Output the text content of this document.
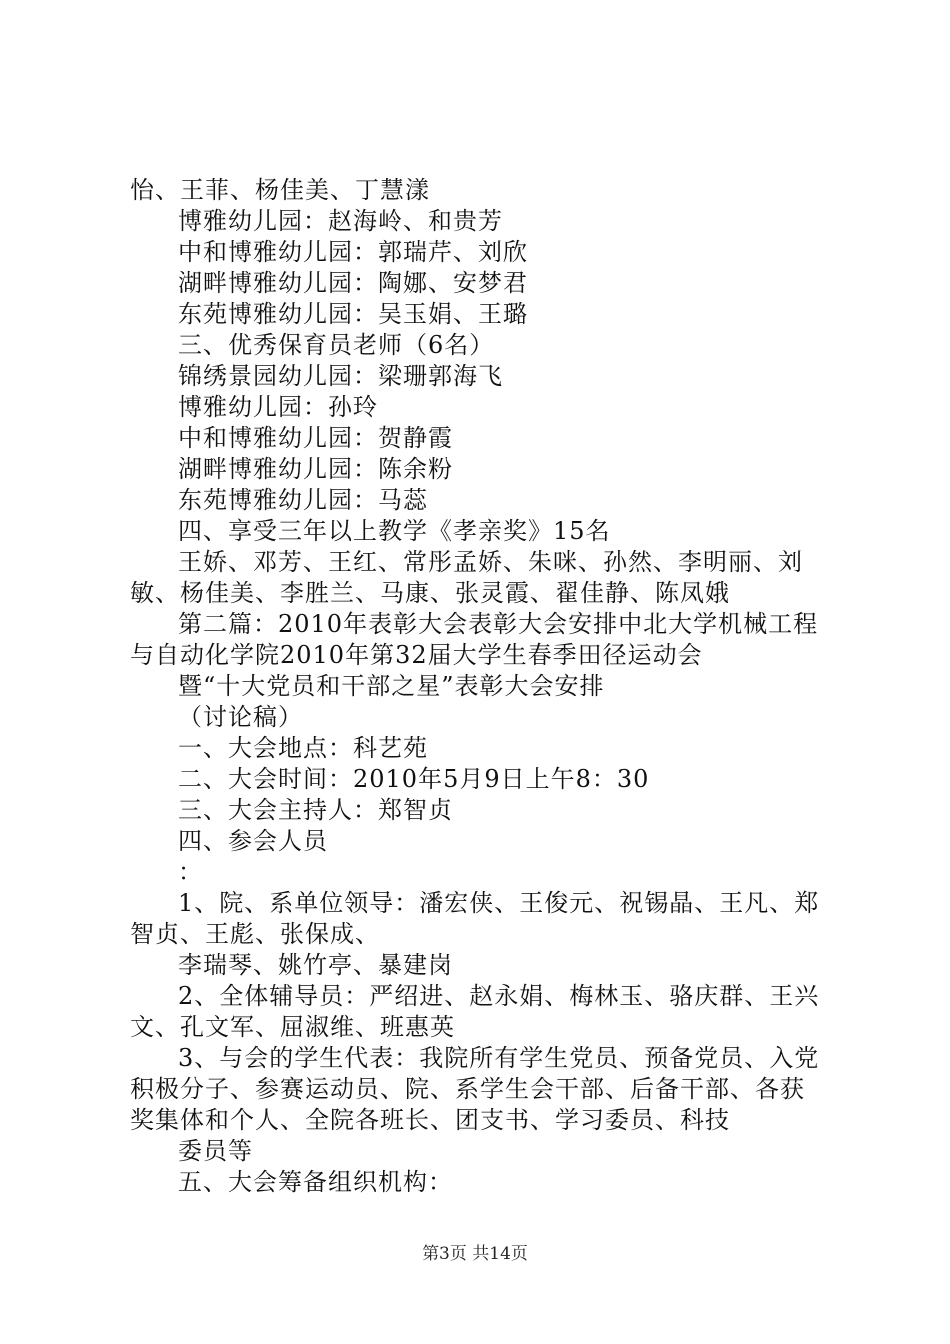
怡、王菲、杨佳美、丁慧漾
博雅幼儿园：赵海岭、和贵芳
中和博雅幼儿园：郭瑞芹、刘欣
湖畔博雅幼儿园：陶娜、安梦君
东苑博雅幼儿园：吴玉娟、王璐
三、优秀保育员老师（6名）
锦绣景园幼儿园：梁珊郭海飞
博雅幼儿园：孙玲
中和博雅幼儿园：贺静霞
湖畔博雅幼儿园：陈余粉
东苑博雅幼儿园：马蕊
四、享受三年以上教学《孝亲奖》15名
王娇、邓芳、王红、常彤孟娇、朱咪、孙然、李明丽、刘
敏、杨佳美、李胜兰、马康、张灵霞、翟佳静、陈凤娥
第二篇：2010年表彰大会表彰大会安排中北大学机械工程
与自动化学院2010年第32届大学生春季田径运动会
暨“十大党员和干部之星”表彰大会安排
（讨论稿）
一、大会地点：科艺苑
二、大会时间：2010年5月9日上午8：30
三、大会主持人：郑智贞
四、参会人员
：
1、院、系单位领导：潘宏侠、王俊元、祝锡晶、王凡、郑
智贞、王彪、张保成、
李瑞琴、姚竹亭、暴建岗
2、全体辅导员：严绍进、赵永娟、梅林玉、骆庆群、王兴
文、孔文军、屈淑维、班惠英
3、与会的学生代表：我院所有学生党员、预备党员、入党
积极分子、参赛运动员、院、系学生会干部、后备干部、各获
奖集体和个人、全院各班长、团支书、学习委员、科技
委员等
五、大会筹备组织机构：
第3页 共14页
